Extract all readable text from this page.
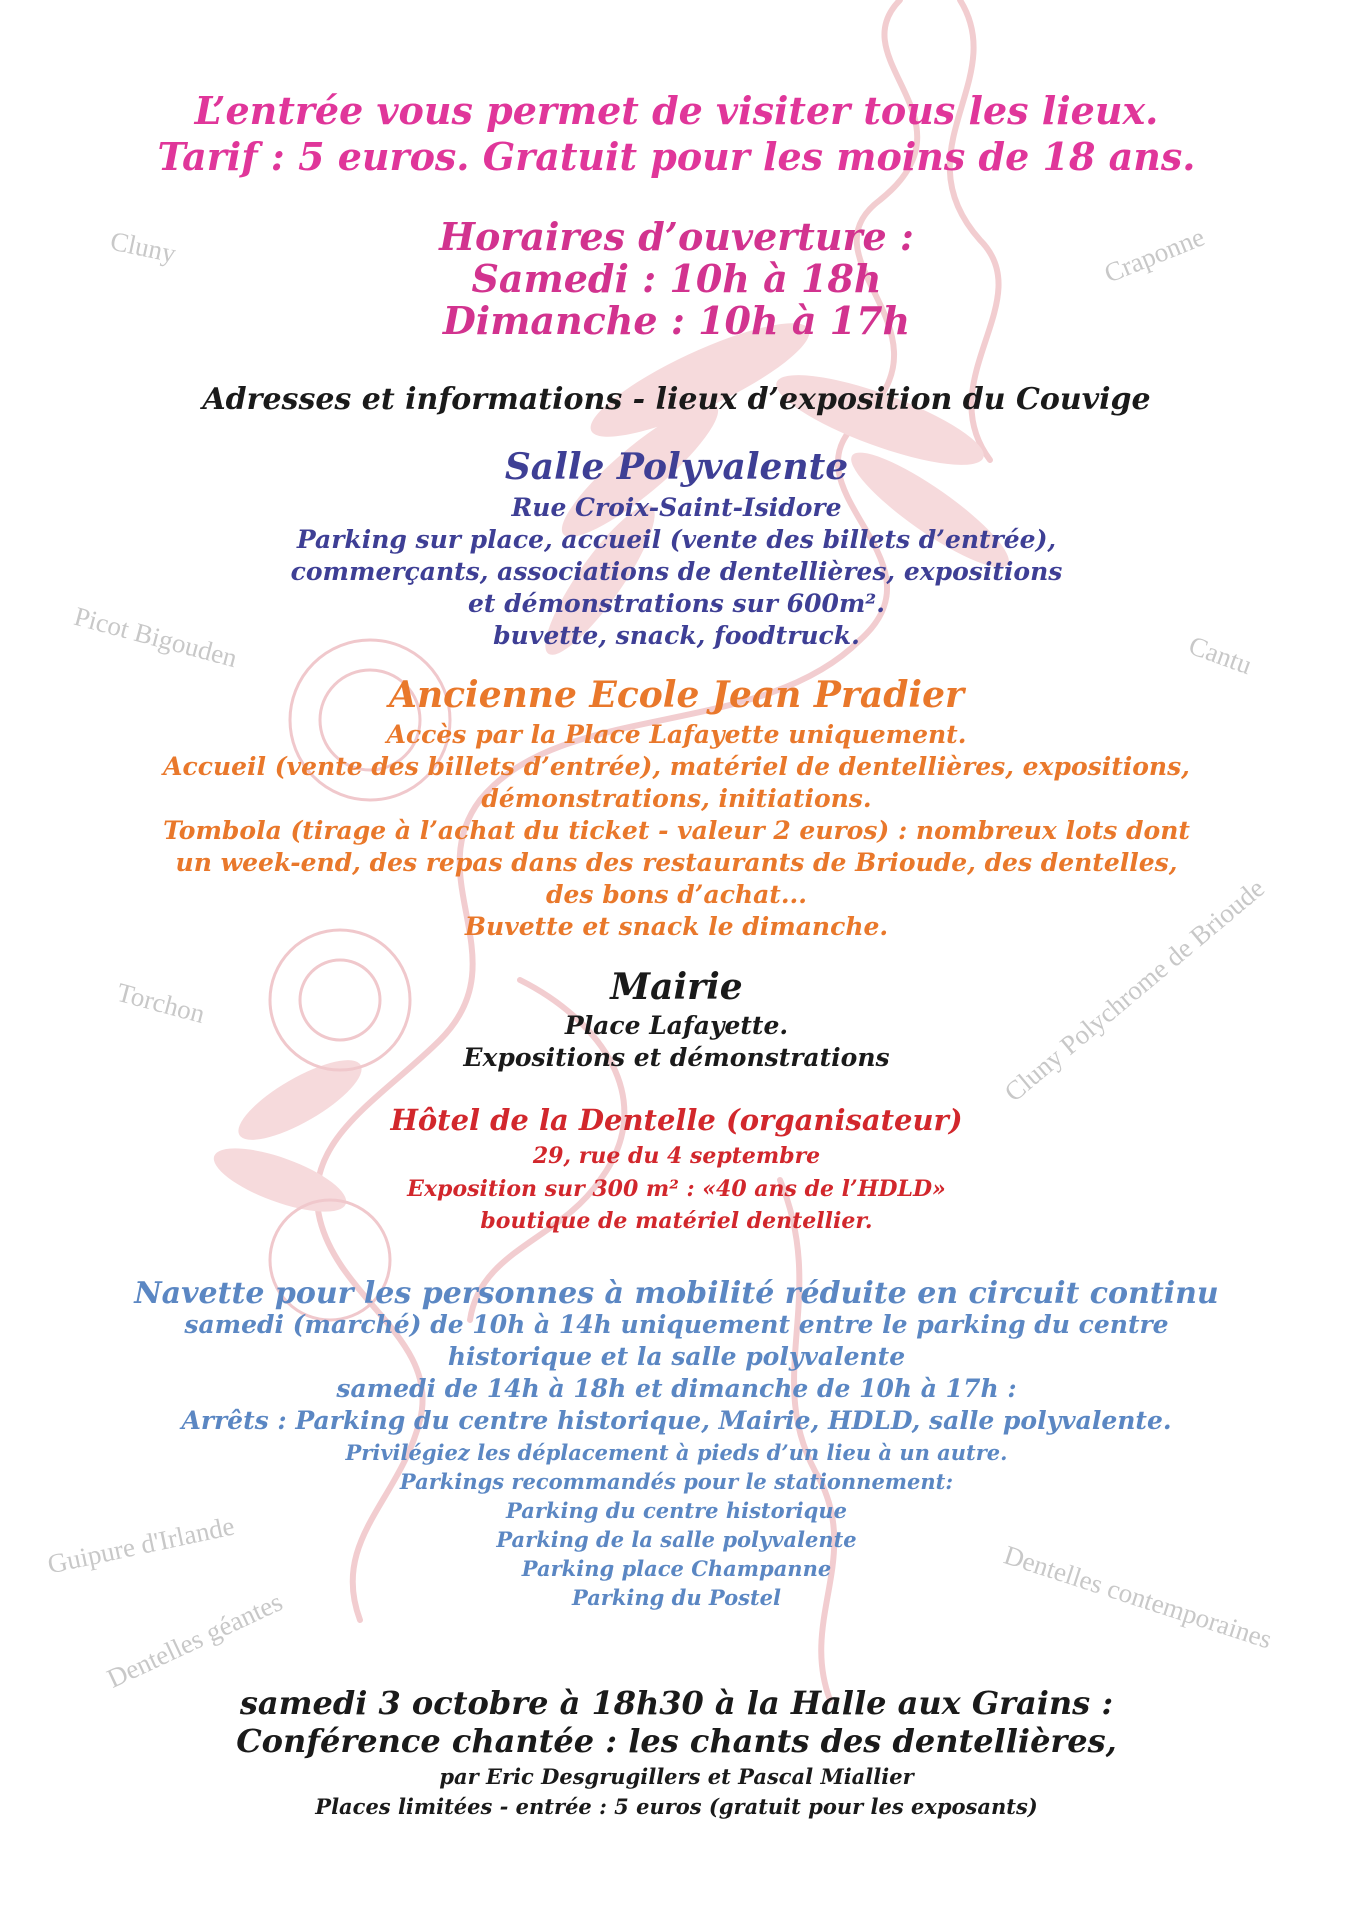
Cluny	Craponne
Picot Bigouden	Cantu
Torchon	Cluny Polychrome de Brioude
Guipure d'Irlande
Dentelles géantes	Dentelles contemporaines
L’entrée vous permet de visiter tous les lieux.
Tarif : 5 euros. Gratuit pour les moins de 18 ans.
Horaires d’ouverture :
Samedi : 10h à 18h
Dimanche : 10h à 17h
Adresses et informations - lieux d’exposition du Couvige
Salle Polyvalente
Rue Croix-Saint-Isidore
Parking sur place, accueil (vente des billets d’entrée),
commerçants, associations de dentellières, expositions
et démonstrations sur 600m².
buvette, snack, foodtruck.
Ancienne Ecole Jean Pradier
Accès par la Place Lafayette uniquement.
Accueil (vente des billets d’entrée), matériel de dentellières, expositions,
démonstrations, initiations.
Tombola (tirage à l’achat du ticket - valeur 2 euros) : nombreux lots dont
un week-end, des repas dans des restaurants de Brioude, des dentelles,
des bons d’achat...
Buvette et snack le dimanche.
Mairie
Place Lafayette.
Expositions et démonstrations
Hôtel de la Dentelle (organisateur)
29, rue du 4 septembre
Exposition sur 300 m² : «40 ans de l’HDLD»
boutique de matériel dentellier.
Navette pour les personnes à mobilité réduite en circuit continu
samedi (marché) de 10h à 14h uniquement entre le parking du centre
historique et la salle polyvalente
samedi de 14h à 18h et dimanche de 10h à 17h :
Arrêts : Parking du centre historique, Mairie, HDLD, salle polyvalente.
Privilégiez les déplacement à pieds d’un lieu à un autre.
Parkings recommandés pour le stationnement:
Parking du centre historique
Parking de la salle polyvalente
Parking place Champanne
Parking du Postel
samedi 3 octobre à 18h30 à la Halle aux Grains :
Conférence chantée : les chants des dentellières,
par Eric Desgrugillers et Pascal Miallier
Places limitées - entrée : 5 euros (gratuit pour les exposants)
